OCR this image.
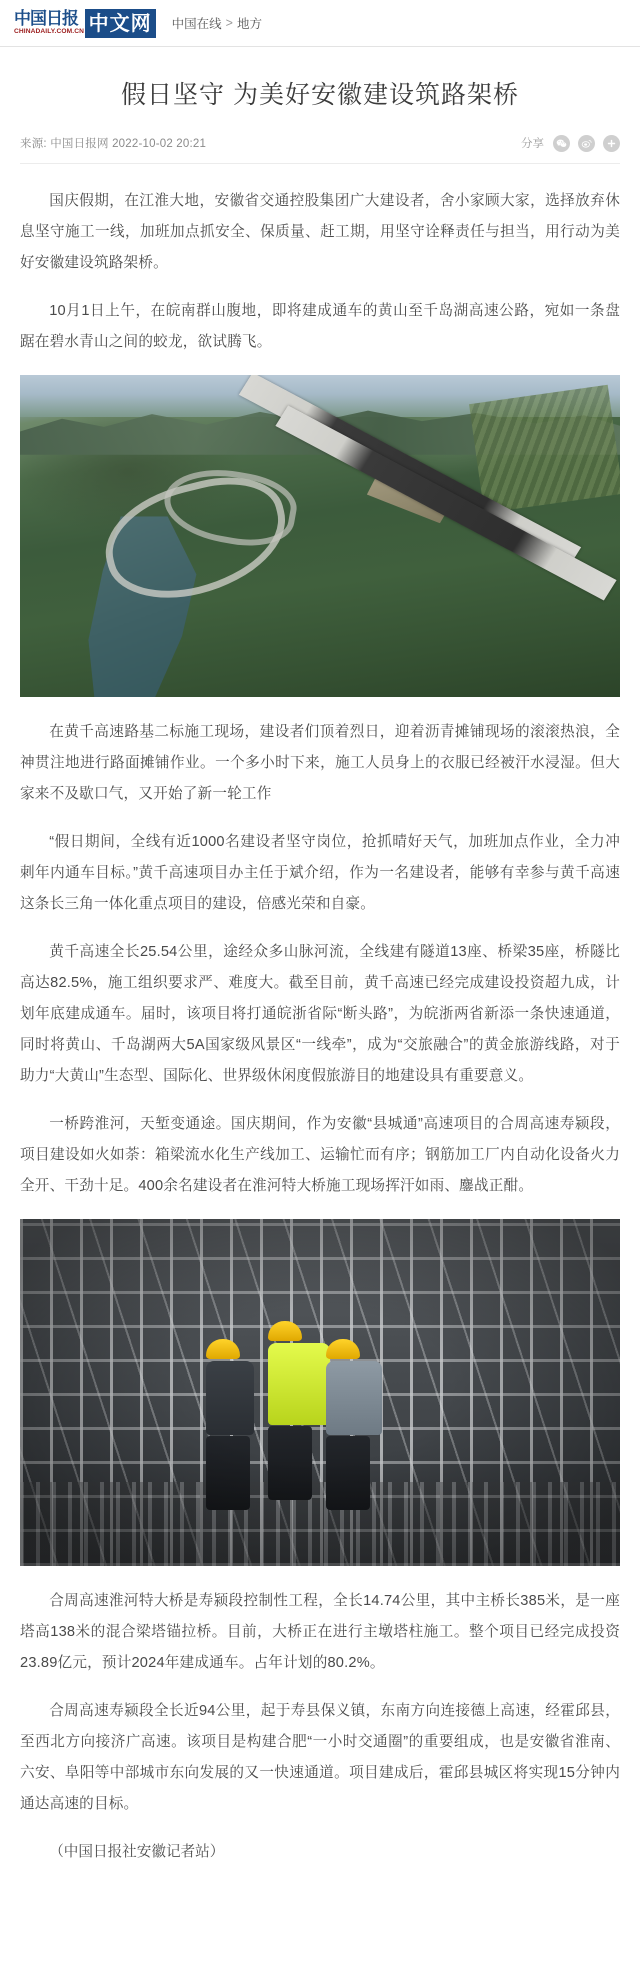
中国日报
CHINADAILY.COM.CN 中文网	中国在线 > 地方
假日坚守 为美好安徽建设筑路架桥
来源: 中国日报网 2022-10-02 20:21	分享

国庆假期，在江淮大地，安徽省交通控股集团广大建设者，舍小家顾大家，选择放弃休息坚守施工一线，加班加点抓安全、保质量、赶工期，用坚守诠释责任与担当，用行动为美好安徽建设筑路架桥。

10月1日上午，在皖南群山腹地，即将建成通车的黄山至千岛湖高速公路，宛如一条盘踞在碧水青山之间的蛟龙，欲试腾飞。

在黄千高速路基二标施工现场，建设者们顶着烈日，迎着沥青摊铺现场的滚滚热浪，全神贯注地进行路面摊铺作业。一个多小时下来，施工人员身上的衣服已经被汗水浸湿。但大家来不及歇口气，又开始了新一轮工作

“假日期间，全线有近1000名建设者坚守岗位，抢抓晴好天气，加班加点作业，全力冲刺年内通车目标。”黄千高速项目办主任于斌介绍，作为一名建设者，能够有幸参与黄千高速这条长三角一体化重点项目的建设，倍感光荣和自豪。

黄千高速全长25.54公里，途经众多山脉河流，全线建有隧道13座、桥梁35座，桥隧比高达82.5%，施工组织要求严、难度大。截至目前，黄千高速已经完成建设投资超九成，计划年底建成通车。届时，该项目将打通皖浙省际“断头路”，为皖浙两省新添一条快速通道，同时将黄山、千岛湖两大5A国家级风景区“一线牵”，成为“交旅融合”的黄金旅游线路，对于助力“大黄山”生态型、国际化、世界级休闲度假旅游目的地建设具有重要意义。

一桥跨淮河，天堑变通途。国庆期间，作为安徽“县城通”高速项目的合周高速寿颍段，项目建设如火如荼：箱梁流水化生产线加工、运输忙而有序；钢筋加工厂内自动化设备火力全开、干劲十足。400余名建设者在淮河特大桥施工现场挥汗如雨、鏖战正酣。

合周高速淮河特大桥是寿颍段控制性工程，全长14.74公里，其中主桥长385米，是一座塔高138米的混合梁塔锚拉桥。目前，大桥正在进行主墩塔柱施工。整个项目已经完成投资23.89亿元，预计2024年建成通车。占年计划的80.2%。

合周高速寿颍段全长近94公里，起于寿县保义镇，东南方向连接德上高速，经霍邱县，至西北方向接济广高速。该项目是构建合肥“一小时交通圈”的重要组成，也是安徽省淮南、六安、阜阳等中部城市东向发展的又一快速通道。项目建成后，霍邱县城区将实现15分钟内通达高速的目标。

（中国日报社安徽记者站）
